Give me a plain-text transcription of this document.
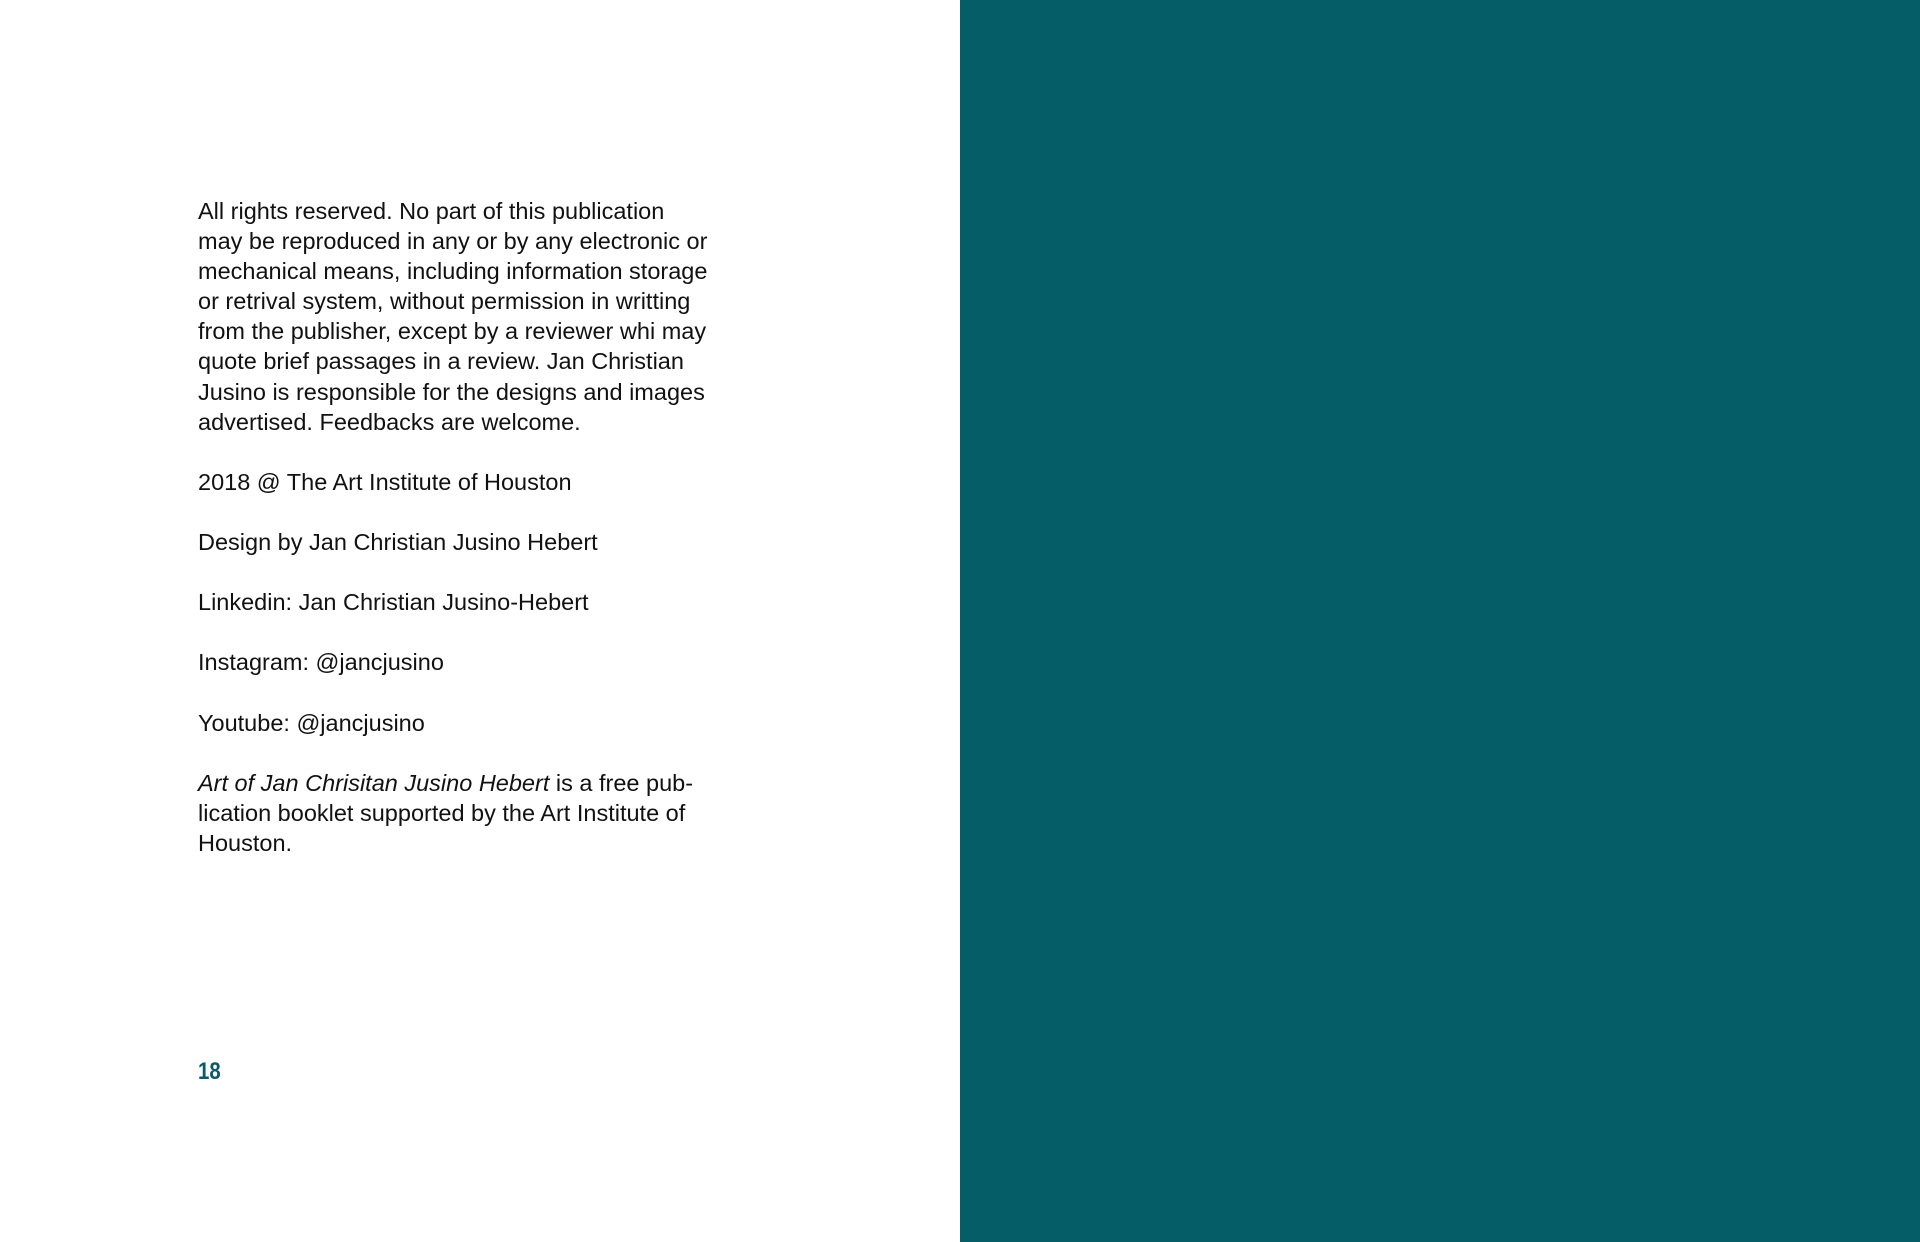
All rights reserved. No part of this publication
may be reproduced in any or by any electronic or
mechanical means, including information storage
or retrival system, without permission in writting
from the publisher, except by a reviewer whi may
quote brief passages in a review. Jan Christian
Jusino is responsible for the designs and images
advertised. Feedbacks are welcome.
2018 @ The Art Institute of Houston
Design by Jan Christian Jusino Hebert
Linkedin: Jan Christian Jusino-Hebert
Instagram: @jancjusino
Youtube: @jancjusino
Art of Jan Chrisitan Jusino Hebert is a free pub-
lication booklet supported by the Art Institute of
Houston.
18
